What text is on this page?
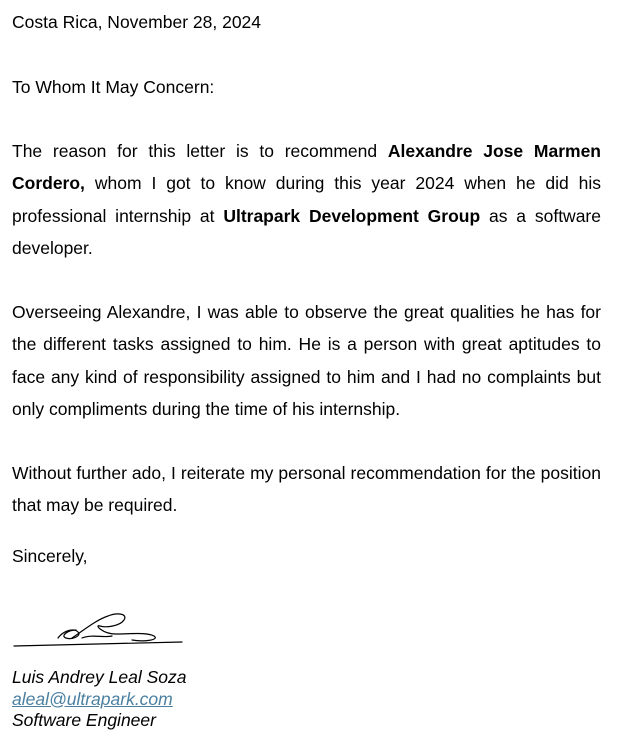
Costa Rica, November 28, 2024
To Whom It May Concern:

The reason for this letter is to recommend Alexandre Jose Marmen Cordero, whom I got to know during this year 2024 when he did his professional internship at Ultrapark Development Group as a software developer.

Overseeing Alexandre, I was able to observe the great qualities he has for the different tasks assigned to him. He is a person with great aptitudes to face any kind of responsibility assigned to him and I had no complaints but only compliments during the time of his internship.

Without further ado, I reiterate my personal recommendation for the position that may be required.

Sincerely,
Luis Andrey Leal Soza
aleal@ultrapark.com
Software Engineer
